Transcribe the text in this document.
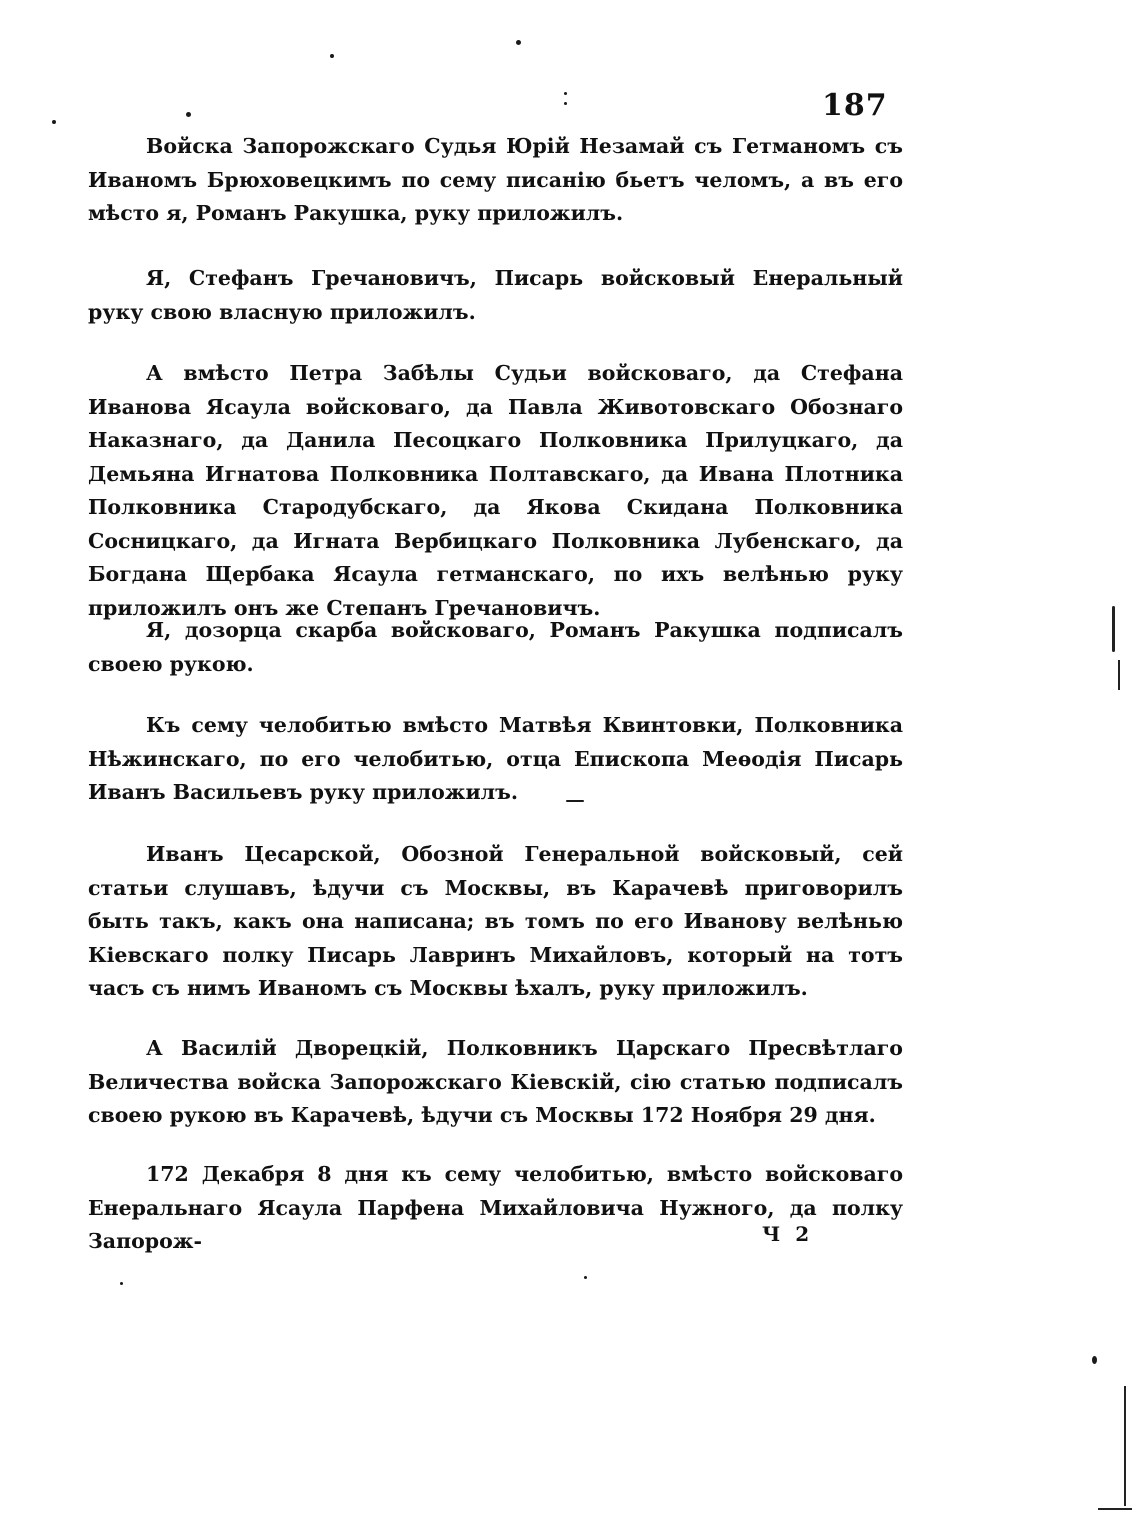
187

Войска Запорожскаго Судья Юрій Незамай съ Гетманомъ съ Ивaномъ Брюховецкимъ по сему писанію бьетъ челомъ, а въ его мѣсто я, Романъ Ракушка, руку приложилъ.

Я, Стефанъ Гречановичъ, Писарь войсковый Енеральный руку свою власную приложилъ.

А вмѣсто Петра Забѣлы Судьи войсковаго, да Стефана Иванова Ясаула войсковаго, да Павла Животовскаго Обознаго Наказнаго, да Данила Песоцкаго Полковника Прилуцкаго, да Демьяна Игнатова Полковника Полтавскаго, да Ивана Плотника Полковника Стародубскаго, да Якова Скидана Полковника Сосницкаго, да Игната Вербицкаго Полковника Лубенскаго, да Богдана Щербака Ясаула гетманскаго, по ихъ велѣнью руку приложилъ онъ же Степанъ Гречановичъ.

Я, дозорца скарба войсковаго, Романъ Ракушка подписалъ своею рукою.

Къ сему челобитью вмѣсто Матвѣя Квинтовки, Полковника Нѣжинскаго, по его челобитью, отца Епископа Меѳодія Писарь Иванъ Васильевъ руку приложилъ.

Иванъ Цесарской, Обозной Генеральной войсковый, сей статьи слушавъ, ѣдучи съ Москвы, въ Карачевѣ приговорилъ быть такъ, какъ она написана; въ томъ по его Иванову велѣнью Кіевскаго полку Писарь Лавринъ Михайловъ, который на тотъ часъ съ нимъ Иваномъ съ Москвы ѣхалъ, руку приложилъ.

А Василій Дворецкій, Полковникъ Царскаго Пресвѣтлаго Величества войска Запорожскаго Кіевскій, сію статью подписалъ своею рукою въ Карачевѣ, ѣдучи съ Москвы 172 Ноября 29 дня.

172 Декабря 8 дня къ сему челобитью, вмѣсто войсковаго Енеральнаго Ясаула Парфена Михайловича Нужного, да полку Запорож-	Ч 2
